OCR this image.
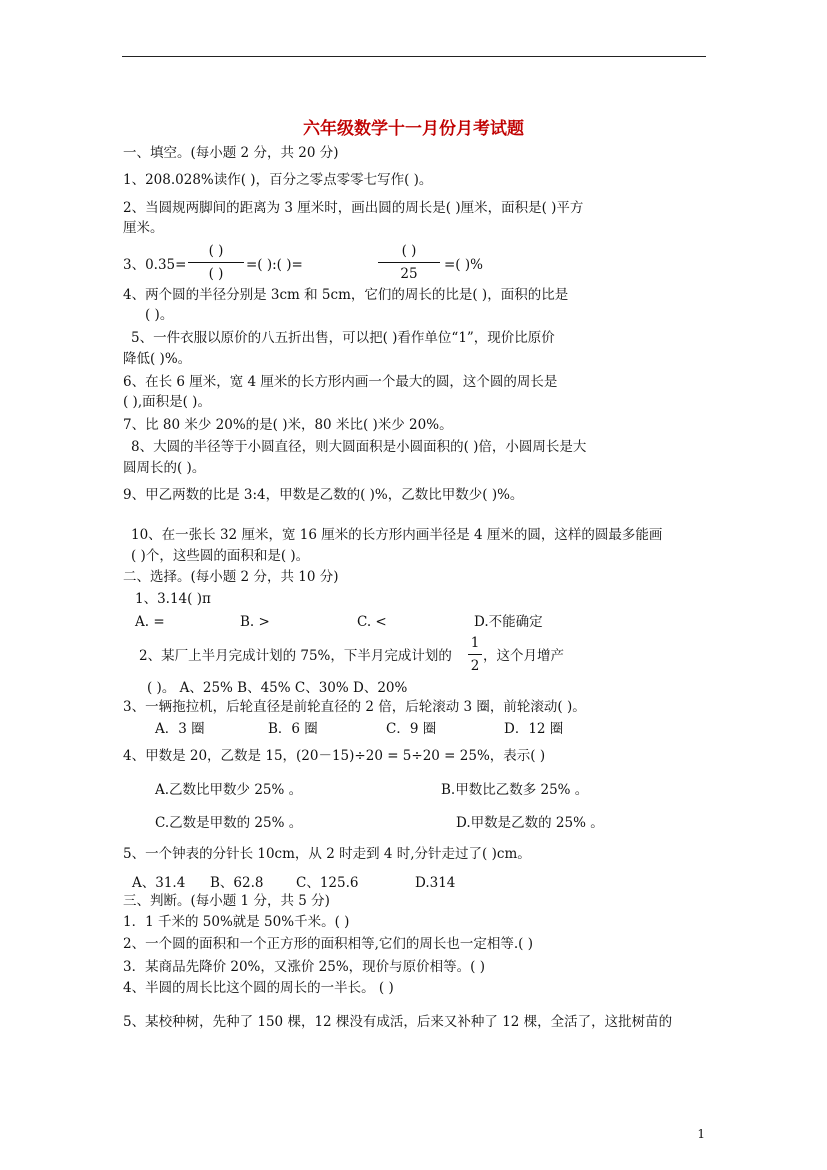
六年级数学十一月份月考试题
一、填空。(每小题 2 分，共 20 分)
1、208.028%读作( )，百分之零点零零七写作( )。
2、当圆规两脚间的距离为 3 厘米时，画出圆的周长是( )厘米，面积是( )平方
厘米。
3、0.35=
( )
( )
=( ):( )=
( )
25
=( )%
4、两个圆的半径分别是 3cm 和 5cm，它们的周长的比是( )，面积的比是
( )。
5、一件衣服以原价的八五折出售，可以把( )看作单位“1”，现价比原价
降低( )%。
6、在长 6 厘米，宽 4 厘米的长方形内画一个最大的圆，这个圆的周长是
( ),面积是( )。
7、比 80 米少 20%的是( )米，80 米比( )米少 20%。
8、大圆的半径等于小圆直径，则大圆面积是小圆面积的( )倍，小圆周长是大
圆周长的( )。
9、甲乙两数的比是 3:4，甲数是乙数的( )%，乙数比甲数少( )%。
10、在一张长 32 厘米，宽 16 厘米的长方形内画半径是 4 厘米的圆，这样的圆最多能画
( )个，这些圆的面积和是( )。
二、选择。(每小题 2 分，共 10 分)
1、3.14( )π
A. =	B. >	C. <	D.不能确定
2、某厂上半月完成计划的 75%，下半月完成计划的 $\frac{1}{2}$ ，这个月增产
( )。 A、25% B、45% C、30% D、20%
3、一辆拖拉机，后轮直径是前轮直径的 2 倍，后轮滚动 3 圈，前轮滚动( )。
A．3 圈	B．6 圈	C．9 圈	D．12 圈
4、甲数是 20，乙数是 15，(20－15)÷20 = 5÷20 = 25%，表示( )
A.乙数比甲数少 25% 。	B.甲数比乙数多 25% 。
C.乙数是甲数的 25% 。	D.甲数是乙数的 25% 。
5、一个钟表的分针长 10cm，从 2 时走到 4 时,分针走过了( )cm。
A、31.4 B、62.8 C、125.6	D.314
三、判断。(每小题 1 分，共 5 分)
1．1 千米的 50%就是 50%千米。( )
2、一个圆的面积和一个正方形的面积相等,它们的周长也一定相等.( )
3．某商品先降价 20%，又涨价 25%，现价与原价相等。( )
4、半圆的周长比这个圆的周长的一半长。 ( )
5、某校种树，先种了 150 棵，12 棵没有成活，后来又补种了 12 棵，全活了，这批树苗的
1
